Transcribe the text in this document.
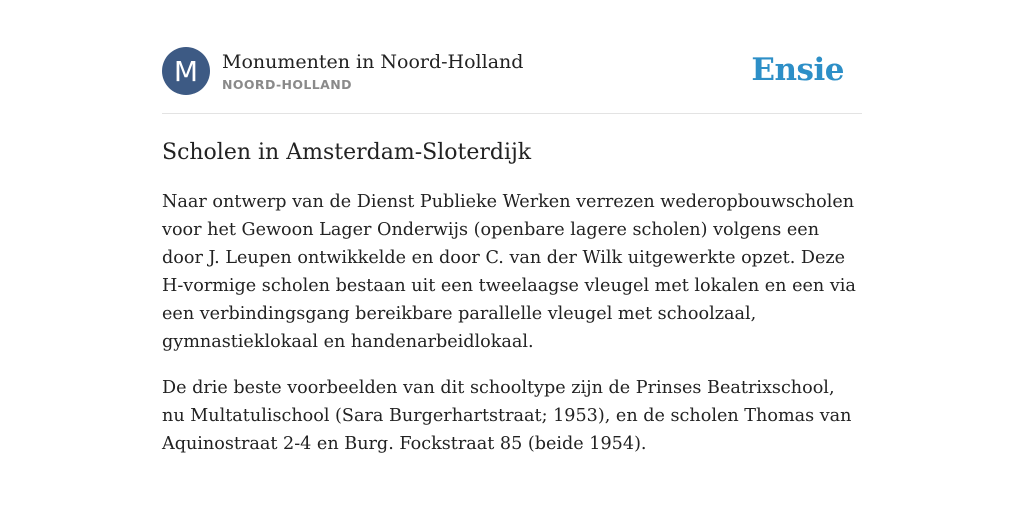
M	Monumenten in Noord-Holland
NOORD-HOLLAND	Ensie
Scholen in Amsterdam-Sloterdijk

Naar ontwerp van de Dienst Publieke Werken verrezen wederopbouwscholen voor het Gewoon Lager Onderwijs (openbare lagere scholen) volgens een door J. Leupen ontwikkelde en door C. van der Wilk uitgewerkte opzet. Deze H-vormige scholen bestaan uit een tweelaagse vleugel met lokalen en een via een verbindingsgang bereikbare parallelle vleugel met schoolzaal, gymnastieklokaal en handenarbeidlokaal.

De drie beste voorbeelden van dit schooltype zijn de Prinses Beatrixschool, nu Multatulischool (Sara Burgerhartstraat; 1953), en de scholen Thomas van Aquinostraat 2-4 en Burg. Fockstraat 85 (beide 1954).
